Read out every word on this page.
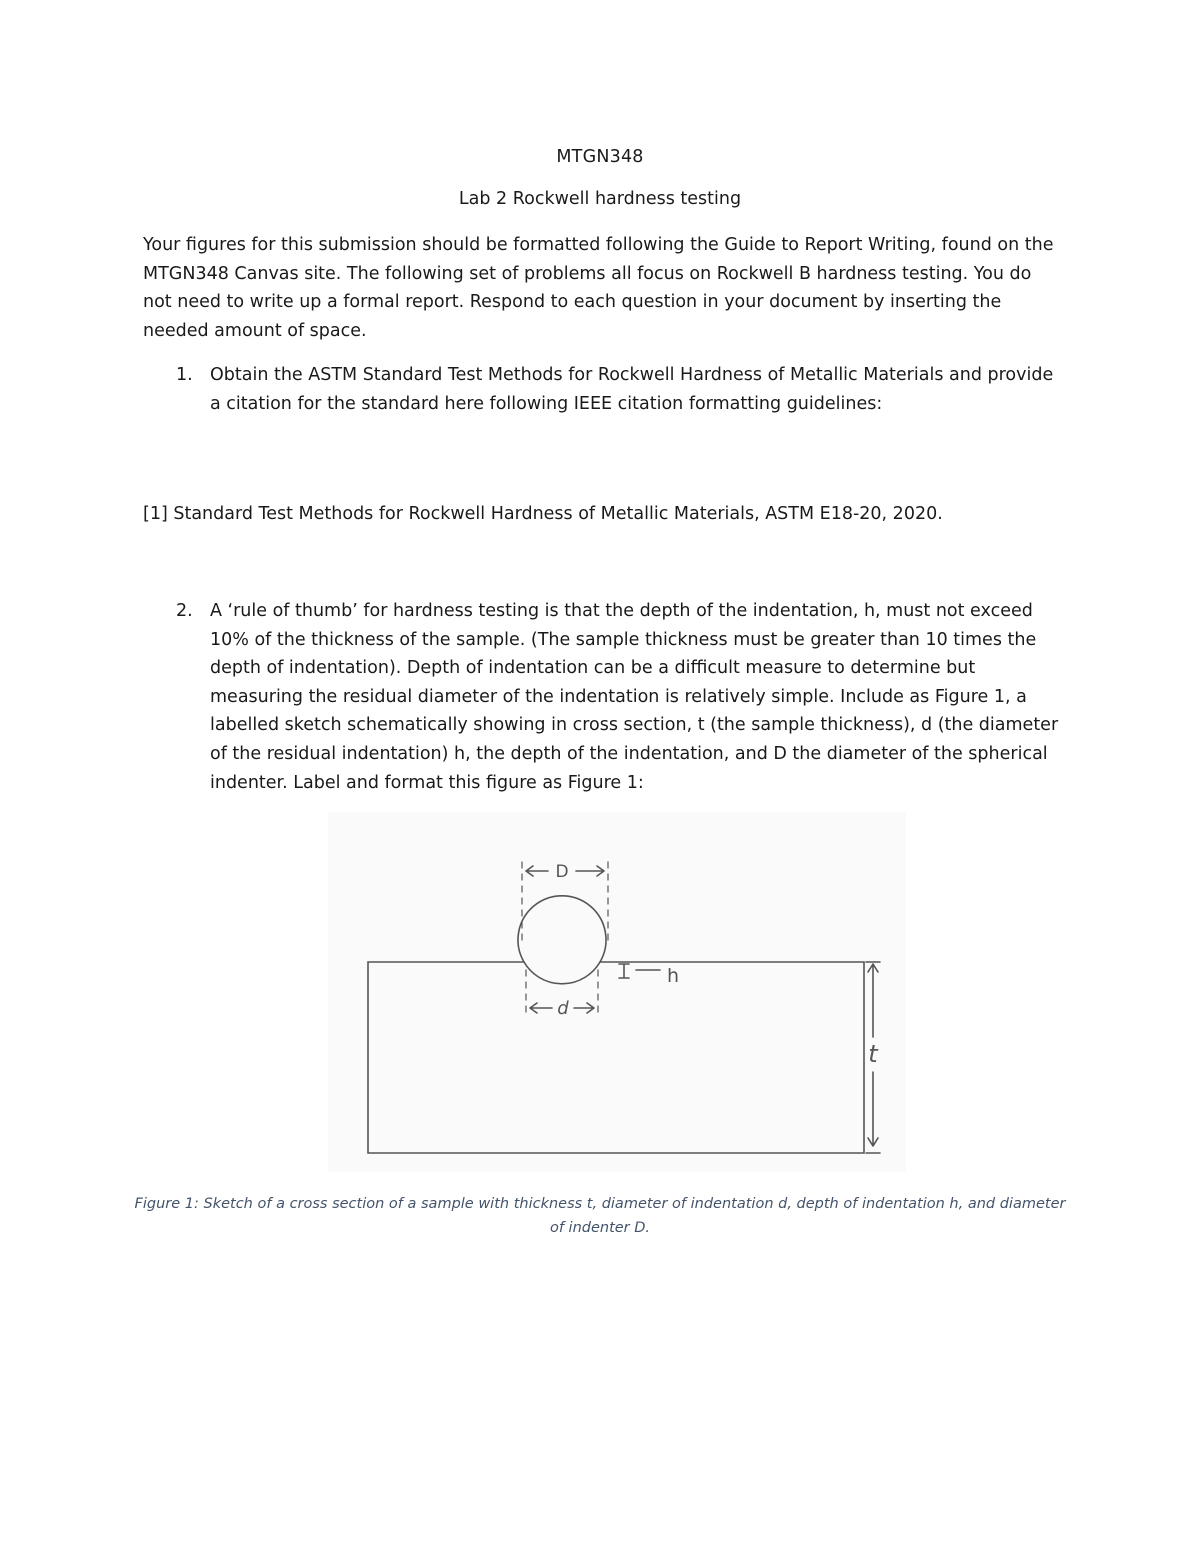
MTGN348
Lab 2 Rockwell hardness testing

Your figures for this submission should be formatted following the Guide to Report Writing, found on the MTGN348 Canvas site. The following set of problems all focus on Rockwell B hardness testing. You do not need to write up a formal report. Respond to each question in your document by inserting the needed amount of space.

1. Obtain the ASTM Standard Test Methods for Rockwell Hardness of Metallic Materials and provide a citation for the standard here following IEEE citation formatting guidelines:
[1] Standard Test Methods for Rockwell Hardness of Metallic Materials, ASTM E18-20, 2020.
2. A ‘rule of thumb’ for hardness testing is that the depth of the indentation, h, must not exceed 10% of the thickness of the sample. (The sample thickness must be greater than 10 times the depth of indentation). Depth of indentation can be a difficult measure to determine but measuring the residual diameter of the indentation is relatively simple. Include as Figure 1, a labelled sketch schematically showing in cross section, t (the sample thickness), d (the diameter of the residual indentation) h, the depth of the indentation, and D the diameter of the spherical indenter. Label and format this figure as Figure 1:
D
d
h
t
Figure 1: Sketch of a cross section of a sample with thickness t, diameter of indentation d, depth of indentation h, and diameter of indenter D.
